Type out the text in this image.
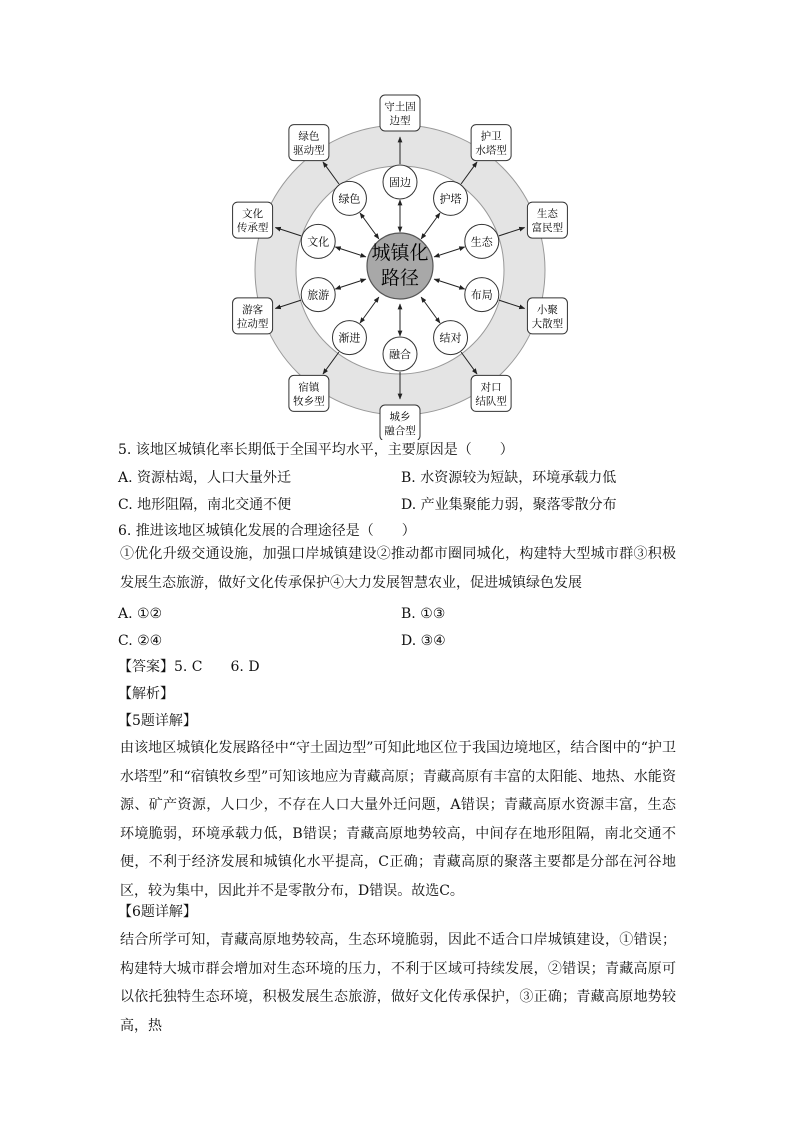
固边
护塔
生态
布局
结对
融合
渐进
旅游
文化
绿色
守土固
边型
护卫
水塔型
生态
富民型
小聚
大散型
对口
结队型
城乡
融合型
宿镇
牧乡型
游客
拉动型
文化
传承型
绿色
驱动型
城镇化
路径
5. 该地区城镇化率长期低于全国平均水平，主要原因是（　　）
A. 资源枯竭，人口大量外迁	B. 水资源较为短缺，环境承载力低
C. 地形阻隔，南北交通不便	D. 产业集聚能力弱，聚落零散分布
6. 推进该地区城镇化发展的合理途径是（　　）
①优化升级交通设施，加强口岸城镇建设②推动都市圈同城化，构建特大型城市群③积极发展生态旅游，做好文化传承保护④大力发展智慧农业，促进城镇绿色发展
A. ①②	B. ①③
C. ②④	D. ③④
【答案】5. C　　6. D
【解析】
【5题详解】
由该地区城镇化发展路径中“守土固边型”可知此地区位于我国边境地区，结合图中的“护卫水塔型”和“宿镇牧乡型”可知该地应为青藏高原；青藏高原有丰富的太阳能、地热、水能资源、矿产资源，人口少，不存在人口大量外迁问题，A错误；青藏高原水资源丰富，生态环境脆弱，环境承载力低，B错误；青藏高原地势较高，中间存在地形阻隔，南北交通不便，不利于经济发展和城镇化水平提高，C正确；青藏高原的聚落主要都是分部在河谷地区，较为集中，因此并不是零散分布，D错误。故选C。
【6题详解】
结合所学可知，青藏高原地势较高，生态环境脆弱，因此不适合口岸城镇建设，①错误；构建特大城市群会增加对生态环境的压力，不利于区域可持续发展，②错误；青藏高原可以依托独特生态环境，积极发展生态旅游，做好文化传承保护，③正确；青藏高原地势较高，热
